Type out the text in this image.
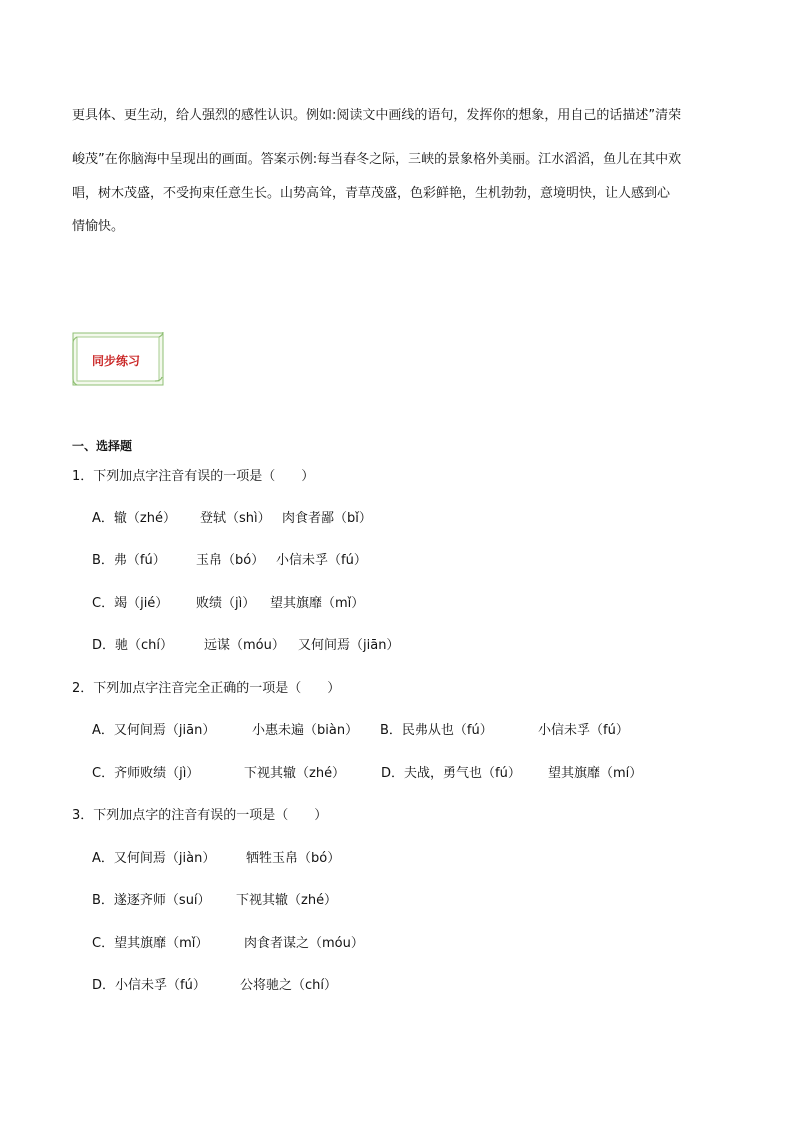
更具体、更生动，给人强烈的感性认识。例如:阅读文中画线的语句，发挥你的想象，用自己的话描述”清荣
峻茂”在你脑海中呈现出的画面。答案示例:每当春冬之际，三峡的景象格外美丽。江水滔滔，鱼儿在其中欢
唱，树木茂盛，不受拘束任意生长。山势高耸，青草茂盛，色彩鲜艳，生机勃勃，意境明快，让人感到心
情愉快。
同步练习
一、选择题
1．下列加点字注音有误的一项是（　　）
A．辙（zhé） 登轼（shì） 肉食者鄙（bǐ）
B．弗（fú） 玉帛（bó） 小信未孚（fú）
C．竭（jié） 败绩（jì） 望其旗靡（mǐ）
D．驰（chí） 远谋（móu） 又何间焉（jiān）
2．下列加点字注音完全正确的一项是（　　）
A．又何间焉（jiān）	小惠未遍（biàn） B．民弗从也（fú）	小信未孚（fú）
C．齐师败绩（jì）	下视其辙（zhé）	D．夫战，勇气也（fú） 望其旗靡（mí）
3．下列加点字的注音有误的一项是（　　）
A．又何间焉（jiàn） 牺牲玉帛（bó）
B．遂逐齐师（suí） 下视其辙（zhé）
C．望其旗靡（mǐ）	肉食者谋之（móu）
D．小信未孚（fú）	公将驰之（chí）
